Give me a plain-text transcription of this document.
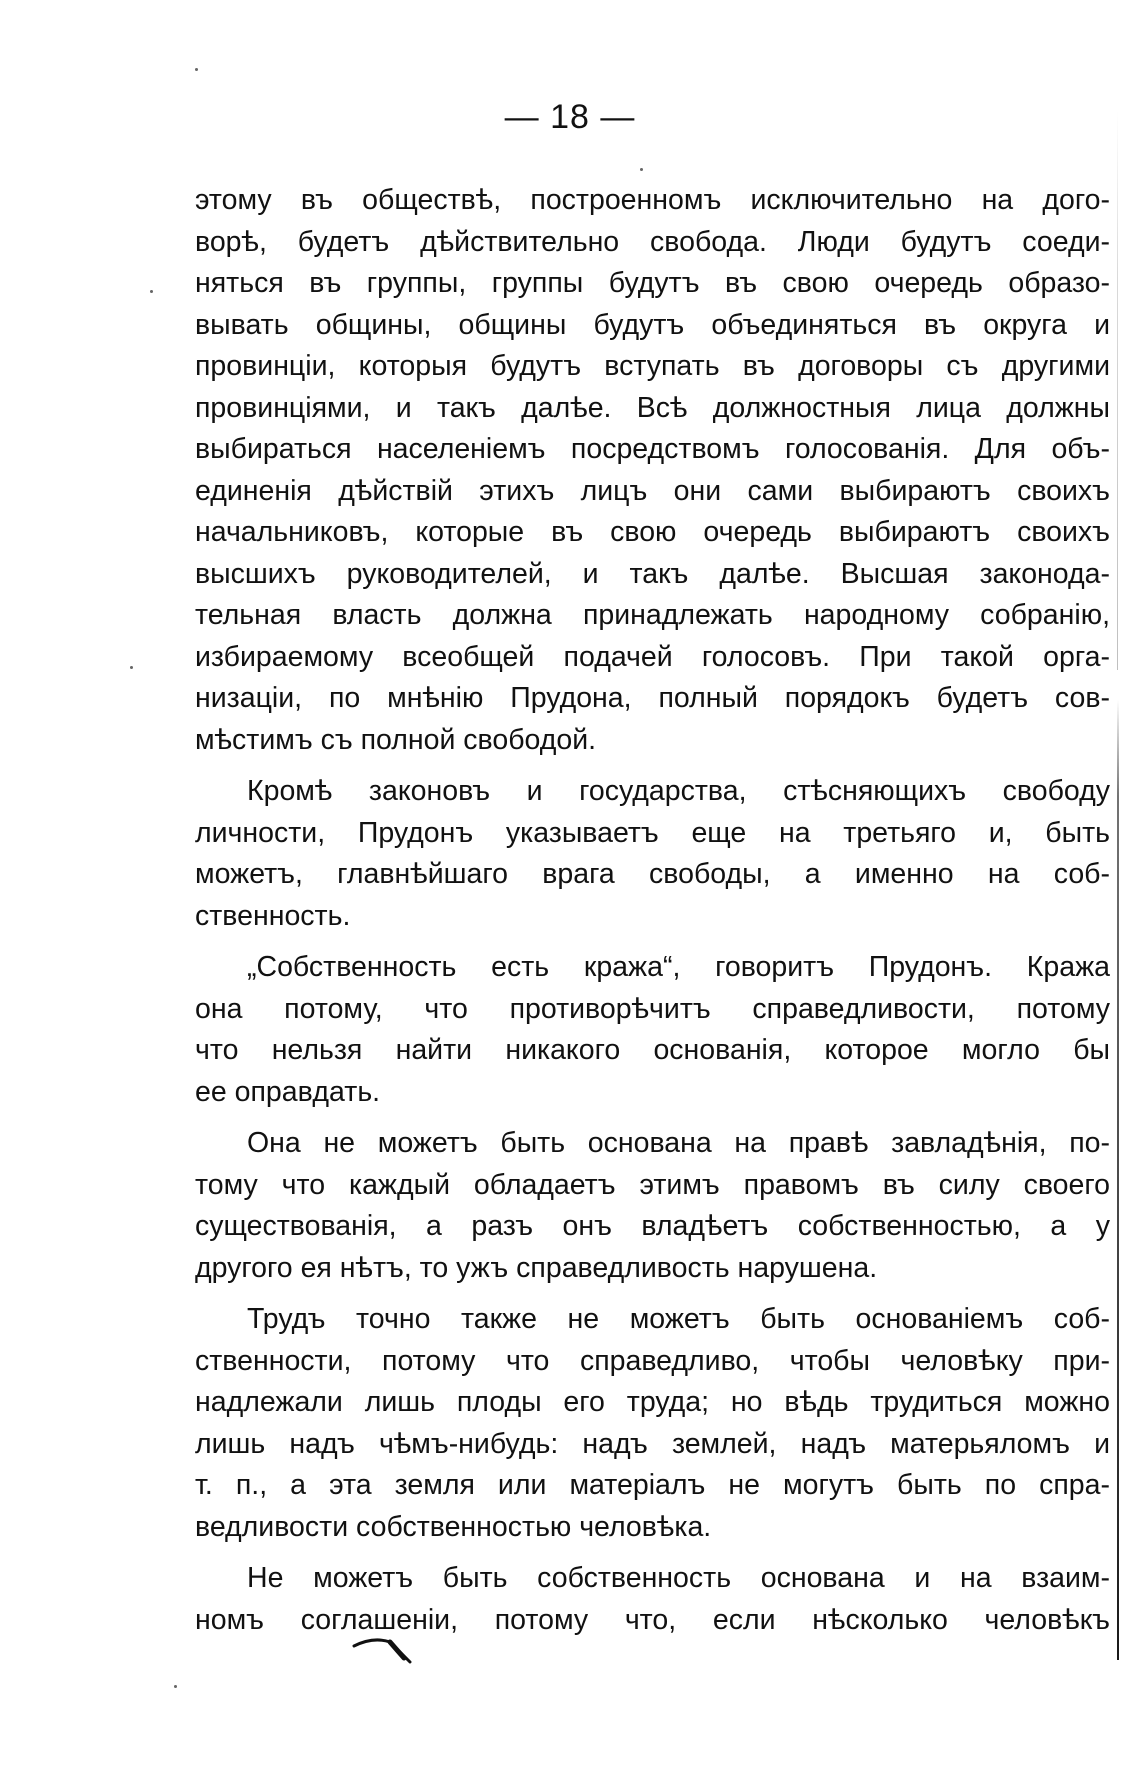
— 18 —
этому въ обществѣ, построенномъ исключительно на дого-
ворѣ, будетъ дѣйствительно свобода. Люди будутъ соеди-
няться въ группы, группы будутъ въ свою очередь образо-
вывать общины, общины будутъ объединяться въ округа и
провинціи, которыя будутъ вступать въ договоры съ другими
провинціями, и такъ далѣе. Всѣ должностныя лица должны
выбираться населеніемъ посредствомъ голосованія. Для объ-
единенія дѣйствій этихъ лицъ они сами выбираютъ своихъ
начальниковъ, которые въ свою очередь выбираютъ своихъ
высшихъ руководителей, и такъ далѣе. Высшая законода-
тельная власть должна принадлежать народному собранію,
избираемому всеобщей подачей голосовъ. При такой орга-
низаціи, по мнѣнію Прудона, полный порядокъ будетъ сов-
мѣстимъ съ полной свободой.
Кромѣ законовъ и государства, стѣсняющихъ свободу
личности, Прудонъ указываетъ еще на третьяго и, быть
можетъ, главнѣйшаго врага свободы, а именно на соб-
ственность.
„Собственность есть кража“, говоритъ Прудонъ. Кража
она потому, что противорѣчитъ справедливости, потому
что нельзя найти никакого основанія, которое могло бы
ее оправдать.
Она не можетъ быть основана на правѣ завладѣнія, по-
тому что каждый обладаетъ этимъ правомъ въ силу своего
существованія, а разъ онъ владѣетъ собственностью, а у
другого ея нѣтъ, то ужъ справедливость нарушена.
Трудъ точно также не можетъ быть основаніемъ соб-
ственности, потому что справедливо, чтобы человѣку при-
надлежали лишь плоды его труда; но вѣдь трудиться можно
лишь надъ чѣмъ-нибудь: надъ землей, надъ матерьяломъ и
т. п., а эта земля или матеріалъ не могутъ быть по спра-
ведливости собственностью человѣка.
Не можетъ быть собственность основана и на взаим-
номъ соглашеніи, потому что, если нѣсколько человѣкъ
